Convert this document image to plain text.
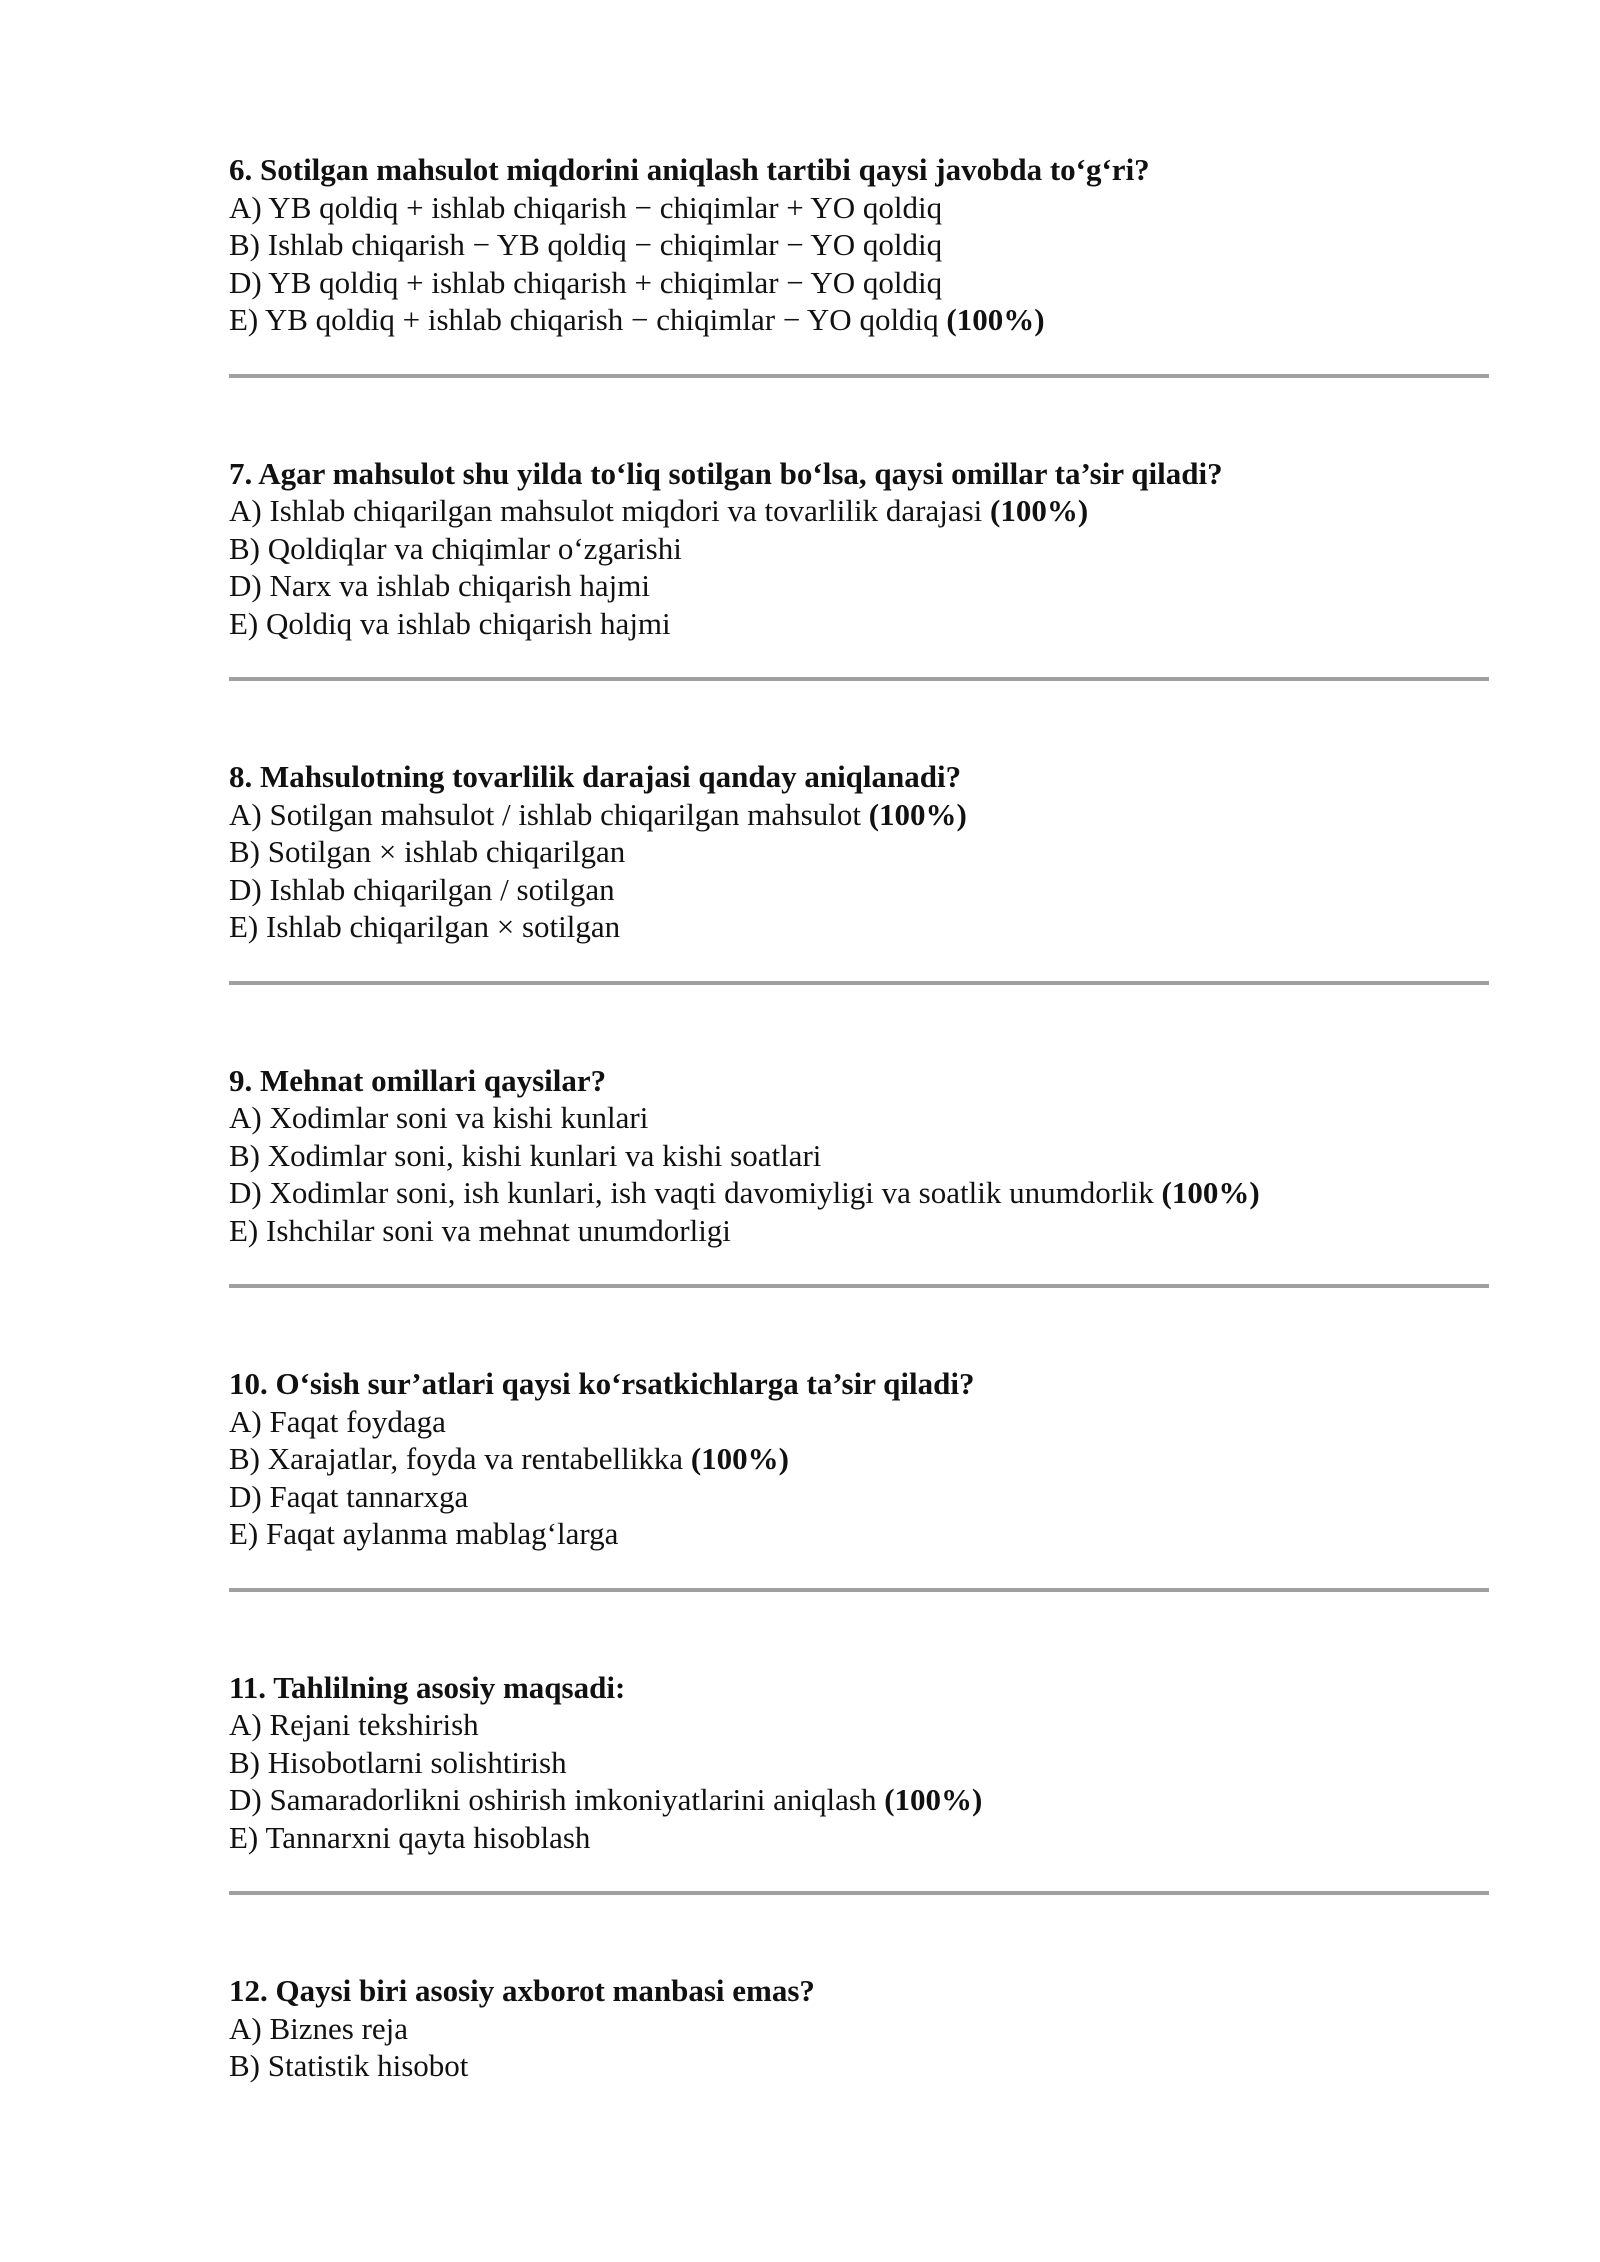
6. Sotilgan mahsulot miqdorini aniqlash tartibi qaysi javobda to‘g‘ri?

A) YB qoldiq + ishlab chiqarish − chiqimlar + YO qoldiq

B) Ishlab chiqarish − YB qoldiq − chiqimlar − YO qoldiq

D) YB qoldiq + ishlab chiqarish + chiqimlar − YO qoldiq

E) YB qoldiq + ishlab chiqarish − chiqimlar − YO qoldiq (100%)

7. Agar mahsulot shu yilda to‘liq sotilgan bo‘lsa, qaysi omillar ta’sir qiladi?

A) Ishlab chiqarilgan mahsulot miqdori va tovarlilik darajasi (100%)

B) Qoldiqlar va chiqimlar o‘zgarishi

D) Narx va ishlab chiqarish hajmi

E) Qoldiq va ishlab chiqarish hajmi

8. Mahsulotning tovarlilik darajasi qanday aniqlanadi?

A) Sotilgan mahsulot / ishlab chiqarilgan mahsulot (100%)

B) Sotilgan × ishlab chiqarilgan

D) Ishlab chiqarilgan / sotilgan

E) Ishlab chiqarilgan × sotilgan

9. Mehnat omillari qaysilar?

A) Xodimlar soni va kishi kunlari

B) Xodimlar soni, kishi kunlari va kishi soatlari

D) Xodimlar soni, ish kunlari, ish vaqti davomiyligi va soatlik unumdorlik (100%)

E) Ishchilar soni va mehnat unumdorligi

10. O‘sish sur’atlari qaysi ko‘rsatkichlarga ta’sir qiladi?

A) Faqat foydaga

B) Xarajatlar, foyda va rentabellikka (100%)

D) Faqat tannarxga

E) Faqat aylanma mablag‘larga

11. Tahlilning asosiy maqsadi:

A) Rejani tekshirish

B) Hisobotlarni solishtirish

D) Samaradorlikni oshirish imkoniyatlarini aniqlash (100%)

E) Tannarxni qayta hisoblash

12. Qaysi biri asosiy axborot manbasi emas?

A) Biznes reja

B) Statistik hisobot
